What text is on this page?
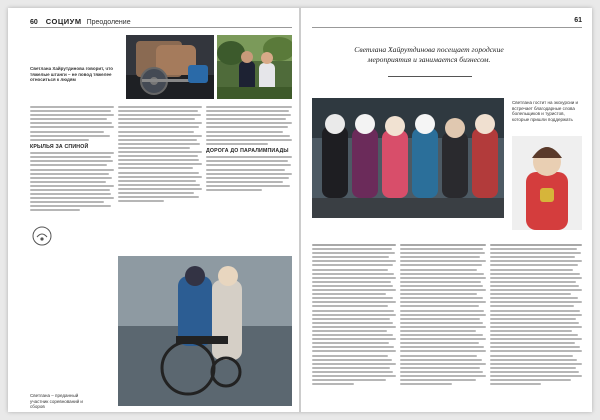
60 СОЦИУМ Преодоление
Светлана Хайрутдинова говорит, что тяжелые штанги – не повод тяжелее относиться к людям
КРЫЛЬЯ ЗА СПИНОЙ
ДОРОГА ДО ПАРАЛИМПИАДЫ
Светлана – преданный участник соревнований и сборов
61
Светлана Хайрутдинова посещает городские мероприятия и занимается бизнесом.
Светлана гостит на экскурсии и встречает благодарные слова болельщиков и туристов, которые пришли поддержать
